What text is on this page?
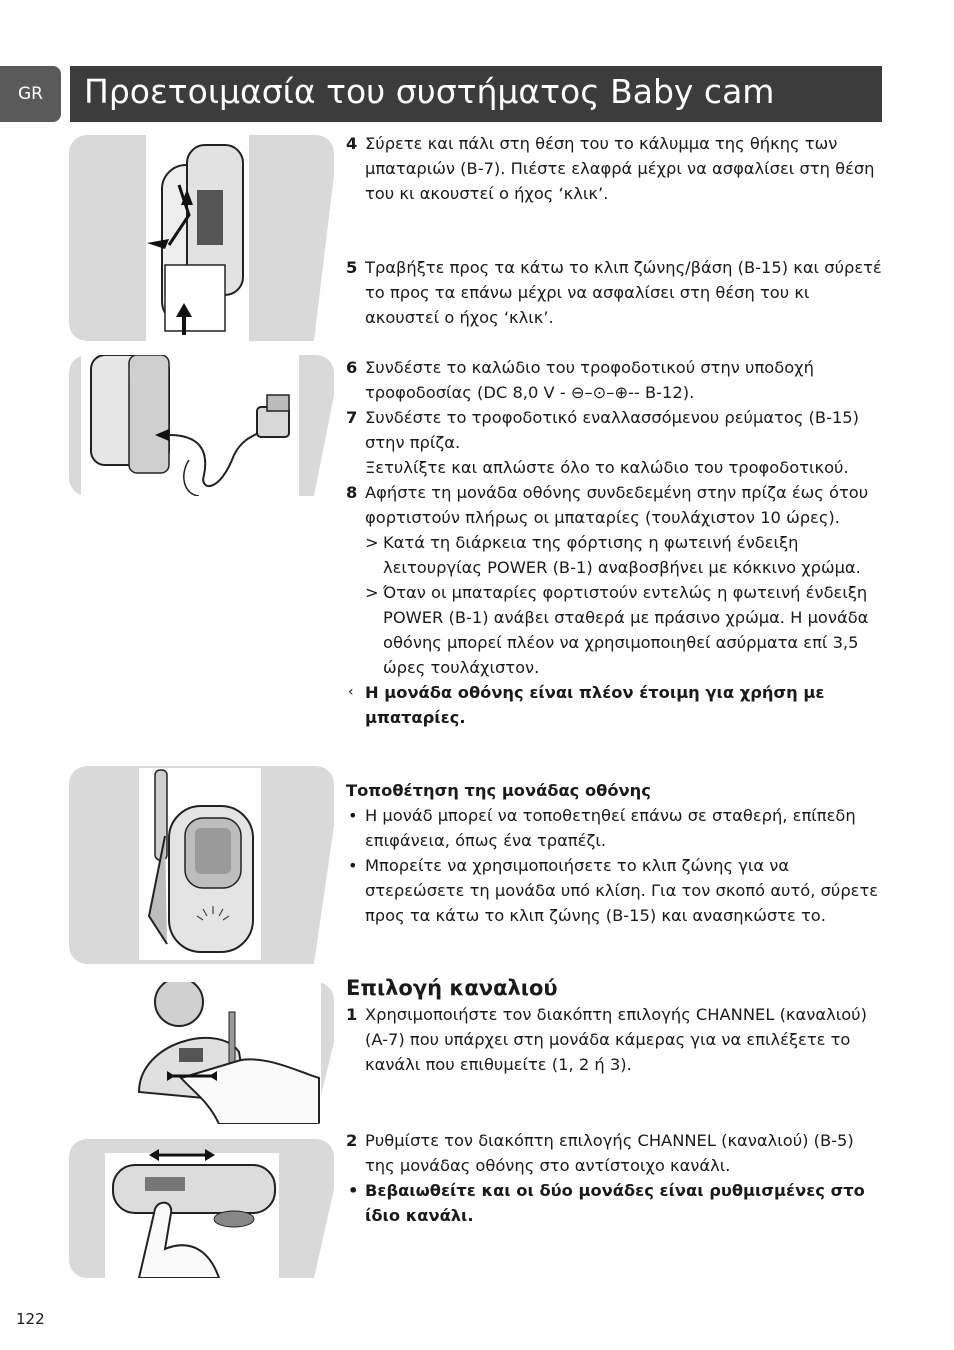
GR Προετοιμασία του συστήματος Baby cam
4 Σύρετε και πάλι στη θέση του το κάλυμμα της θήκης των μπαταριών (B-7). Πιέστε ελαφρά μέχρι να ασφαλίσει στη θέση του κι ακουστεί ο ήχος ‘κλικ’.
5 Τραβήξτε προς τα κάτω το κλιπ ζώνης/βάση (B-15) και σύρετέ το προς τα επάνω μέχρι να ασφαλίσει στη θέση του κι ακουστεί ο ήχος ‘κλικ’.
6 Συνδέστε το καλώδιο του τροφοδοτικού στην υποδοχή τροφοδοσίας (DC 8,0 V - ⊖–⊙–⊕-- B-12).
7 Συνδέστε το τροφοδοτικό εναλλασσόμενου ρεύματος (B-15) στην πρίζα.
Ξετυλίξτε και απλώστε όλο το καλώδιο του τροφοδοτικού.
8 Αφήστε τη μονάδα οθόνης συνδεδεμένη στην πρίζα έως ότου φορτιστούν πλήρως οι μπαταρίες (τουλάχιστον 10 ώρες).
> Κατά τη διάρκεια της φόρτισης η φωτεινή ένδειξη λειτουργίας POWER (B-1) αναβοσβήνει με κόκκινο χρώμα.
> Όταν οι μπαταρίες φορτιστούν εντελώς η φωτεινή ένδειξη POWER (B-1) ανάβει σταθερά με πράσινο χρώμα. Η μονάδα οθόνης μπορεί πλέον να χρησιμοποιηθεί ασύρματα επί 3,5 ώρες τουλάχιστον.
‹ Η μονάδα οθόνης είναι πλέον έτοιμη για χρήση με μπαταρίες.
Τοποθέτηση της μονάδας οθόνης
• Η μονάδ μπορεί να τοποθετηθεί επάνω σε σταθερή, επίπεδη επιφάνεια, όπως ένα τραπέζι.
• Μπορείτε να χρησιμοποιήσετε το κλιπ ζώνης για να στερεώσετε τη μονάδα υπό κλίση. Για τον σκοπό αυτό, σύρετε προς τα κάτω το κλιπ ζώνης (B-15) και ανασηκώστε το.
Επιλογή καναλιού
1 Χρησιμοποιήστε τον διακόπτη επιλογής CHANNEL (καναλιού) (A-7) που υπάρχει στη μονάδα κάμερας για να επιλέξετε το κανάλι που επιθυμείτε (1, 2 ή 3).
2 Ρυθμίστε τον διακόπτη επιλογής CHANNEL (καναλιού) (B-5) της μονάδας οθόνης στο αντίστοιχο κανάλι.
• Βεβαιωθείτε και οι δύο μονάδες είναι ρυθμισμένες στο ίδιο κανάλι.
122
